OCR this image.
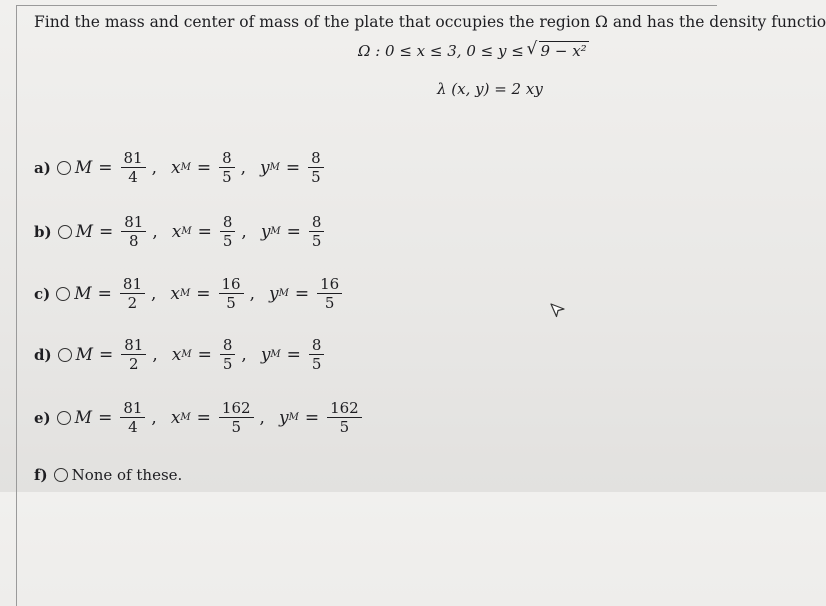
Find the mass and center of mass of the plate that occupies the region Ω and has the density functio
Ω : 0 ≤ x ≤ 3, 0 ≤ y ≤ √ 9 − x²
λ (x, y) = 2 xy
a) $M = \frac{81}{4}$ , x $M = \frac{8}{5}$ , y $M = \frac{8}{5}$
b) $M = \frac{81}{8}$ , x $M = \frac{8}{5}$ , y $M = \frac{8}{5}$
c) $M = \frac{81}{2}$ , x $M = \frac{16}{5}$ , y $M = \frac{16}{5}$
d) $M = \frac{81}{2}$ , x $M = \frac{8}{5}$ , y $M = \frac{8}{5}$
e) $M = \frac{81}{4}$ , x $M = \frac{162}{5}$ , y $M = \frac{162}{5}$
f) None of these.
